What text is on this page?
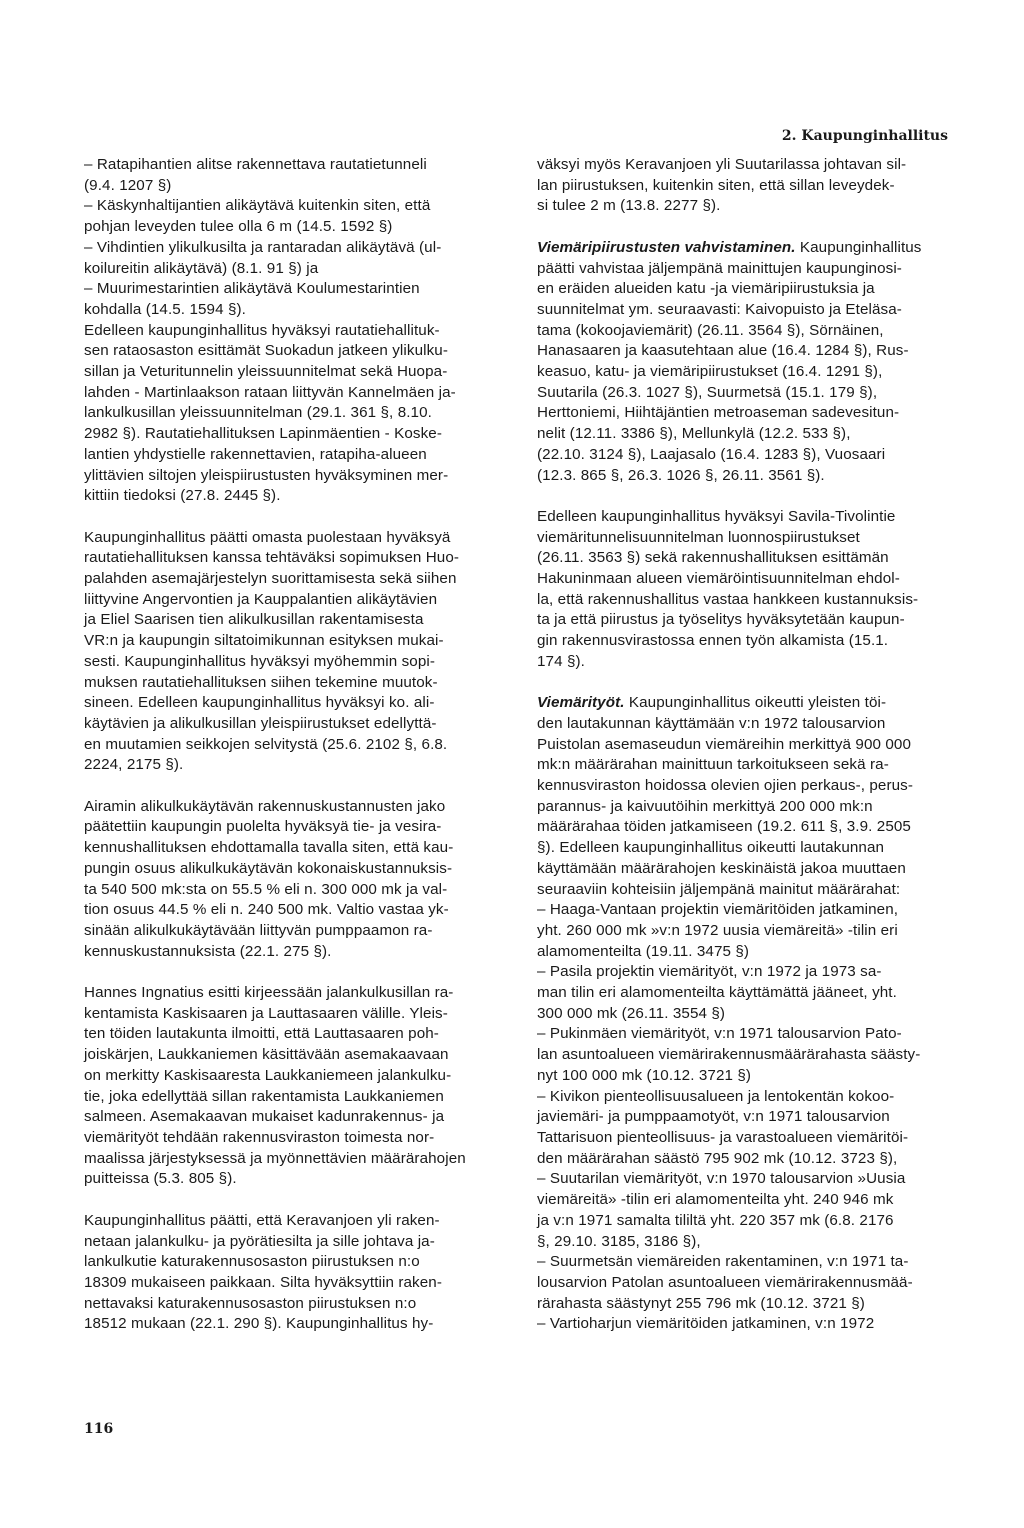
2. Kaupunginhallitus
– Ratapihantien alitse rakennettava rautatietunneli
(9.4. 1207 §)
– Käskynhaltijantien alikäytävä kuitenkin siten, että
pohjan leveyden tulee olla 6 m (14.5. 1592 §)
– Vihdintien ylikulkusilta ja rantaradan alikäytävä (ul-
koilureitin alikäytävä) (8.1. 91 §) ja
– Muurimestarintien alikäytävä Koulumestarintien
kohdalla (14.5. 1594 §).
Edelleen kaupunginhallitus hyväksyi rautatiehallituk-
sen rataosaston esittämät Suokadun jatkeen ylikulku-
sillan ja Veturitunnelin yleissuunnitelmat sekä Huopa-
lahden - Martinlaakson rataan liittyvän Kannelmäen ja-
lankulkusillan yleissuunnitelman (29.1. 361 §, 8.10.
2982 §). Rautatiehallituksen Lapinmäentien - Koske-
lantien yhdystielle rakennettavien, ratapiha-alueen
ylittävien siltojen yleispiirustusten hyväksyminen mer-
kittiin tiedoksi (27.8. 2445 §).
Kaupunginhallitus päätti omasta puolestaan hyväksyä
rautatiehallituksen kanssa tehtäväksi sopimuksen Huo-
palahden asemajärjestelyn suorittamisesta sekä siihen
liittyvine Angervontien ja Kauppalantien alikäytävien
ja Eliel Saarisen tien alikulkusillan rakentamisesta
VR:n ja kaupungin siltatoimikunnan esityksen mukai-
sesti. Kaupunginhallitus hyväksyi myöhemmin sopi-
muksen rautatiehallituksen siihen tekemine muutok-
sineen. Edelleen kaupunginhallitus hyväksyi ko. ali-
käytävien ja alikulkusillan yleispiirustukset edellyttä-
en muutamien seikkojen selvitystä (25.6. 2102 §, 6.8.
2224, 2175 §).
Airamin alikulkukäytävän rakennuskustannusten jako
päätettiin kaupungin puolelta hyväksyä tie- ja vesira-
kennushallituksen ehdottamalla tavalla siten, että kau-
pungin osuus alikulkukäytävän kokonaiskustannuksis-
ta 540 500 mk:sta on 55.5 % eli n. 300 000 mk ja val-
tion osuus 44.5 % eli n. 240 500 mk. Valtio vastaa yk-
sinään alikulkukäytävään liittyvän pumppaamon ra-
kennuskustannuksista (22.1. 275 §).
Hannes Ingnatius esitti kirjeessään jalankulkusillan ra-
kentamista Kaskisaaren ja Lauttasaaren välille. Yleis-
ten töiden lautakunta ilmoitti, että Lauttasaaren poh-
joiskärjen, Laukkaniemen käsittävään asemakaavaan
on merkitty Kaskisaaresta Laukkaniemeen jalankulku-
tie, joka edellyttää sillan rakentamista Laukkaniemen
salmeen. Asemakaavan mukaiset kadunrakennus- ja
viemärityöt tehdään rakennusviraston toimesta nor-
maalissa järjestyksessä ja myönnettävien määrärahojen
puitteissa (5.3. 805 §).
Kaupunginhallitus päätti, että Keravanjoen yli raken-
netaan jalankulku- ja pyörätiesilta ja sille johtava ja-
lankulkutie katurakennusosaston piirustuksen n:o
18309 mukaiseen paikkaan. Silta hyväksyttiin raken-
nettavaksi katurakennusosaston piirustuksen n:o
18512 mukaan (22.1. 290 §). Kaupunginhallitus hy-
väksyi myös Keravanjoen yli Suutarilassa johtavan sil-
lan piirustuksen, kuitenkin siten, että sillan leveydek-
si tulee 2 m (13.8. 2277 §).
Viemäripiirustusten vahvistaminen. Kaupunginhallitus
päätti vahvistaa jäljempänä mainittujen kaupunginosi-
en eräiden alueiden katu -ja viemäripiirustuksia ja
suunnitelmat ym. seuraavasti: Kaivopuisto ja Eteläsa-
tama (kokoojaviemärit) (26.11. 3564 §), Sörnäinen,
Hanasaaren ja kaasutehtaan alue (16.4. 1284 §), Rus-
keasuo, katu- ja viemäripiirustukset (16.4. 1291 §),
Suutarila (26.3. 1027 §), Suurmetsä (15.1. 179 §),
Herttoniemi, Hiihtäjäntien metroaseman sadevesitun-
nelit (12.11. 3386 §), Mellunkylä (12.2. 533 §),
(22.10. 3124 §), Laajasalo (16.4. 1283 §), Vuosaari
(12.3. 865 §, 26.3. 1026 §, 26.11. 3561 §).
Edelleen kaupunginhallitus hyväksyi Savila-Tivolintie
viemäritunnelisuunnitelman luonnospiirustukset
(26.11. 3563 §) sekä rakennushallituksen esittämän
Hakuninmaan alueen viemäröintisuunnitelman ehdol-
la, että rakennushallitus vastaa hankkeen kustannuksis-
ta ja että piirustus ja työselitys hyväksytetään kaupun-
gin rakennusvirastossa ennen työn alkamista (15.1.
174 §).
Viemärityöt. Kaupunginhallitus oikeutti yleisten töi-
den lautakunnan käyttämään v:n 1972 talousarvion
Puistolan asemaseudun viemäreihin merkittyä 900 000
mk:n määrärahan mainittuun tarkoitukseen sekä ra-
kennusviraston hoidossa olevien ojien perkaus-, perus-
parannus- ja kaivuutöihin merkittyä 200 000 mk:n
määrärahaa töiden jatkamiseen (19.2. 611 §, 3.9. 2505
§). Edelleen kaupunginhallitus oikeutti lautakunnan
käyttämään määrärahojen keskinäistä jakoa muuttaen
seuraaviin kohteisiin jäljempänä mainitut määrärahat:
– Haaga-Vantaan projektin viemäritöiden jatkaminen,
yht. 260 000 mk »v:n 1972 uusia viemäreitä» -tilin eri
alamomenteilta (19.11. 3475 §)
– Pasila projektin viemärityöt, v:n 1972 ja 1973 sa-
man tilin eri alamomenteilta käyttämättä jääneet, yht.
300 000 mk (26.11. 3554 §)
– Pukinmäen viemärityöt, v:n 1971 talousarvion Pato-
lan asuntoalueen viemärirakennusmäärärahasta säästy-
nyt 100 000 mk (10.12. 3721 §)
– Kivikon pienteollisuusalueen ja lentokentän kokoo-
javiemäri- ja pumppaamotyöt, v:n 1971 talousarvion
Tattarisuon pienteollisuus- ja varastoalueen viemäritöi-
den määrärahan säästö 795 902 mk (10.12. 3723 §),
– Suutarilan viemärityöt, v:n 1970 talousarvion »Uusia
viemäreitä» -tilin eri alamomenteilta yht. 240 946 mk
ja v:n 1971 samalta tililtä yht. 220 357 mk (6.8. 2176
§, 29.10. 3185, 3186 §),
– Suurmetsän viemäreiden rakentaminen, v:n 1971 ta-
lousarvion Patolan asuntoalueen viemärirakennusmää-
rärahasta säästynyt 255 796 mk (10.12. 3721 §)
– Vartioharjun viemäritöiden jatkaminen, v:n 1972
116
